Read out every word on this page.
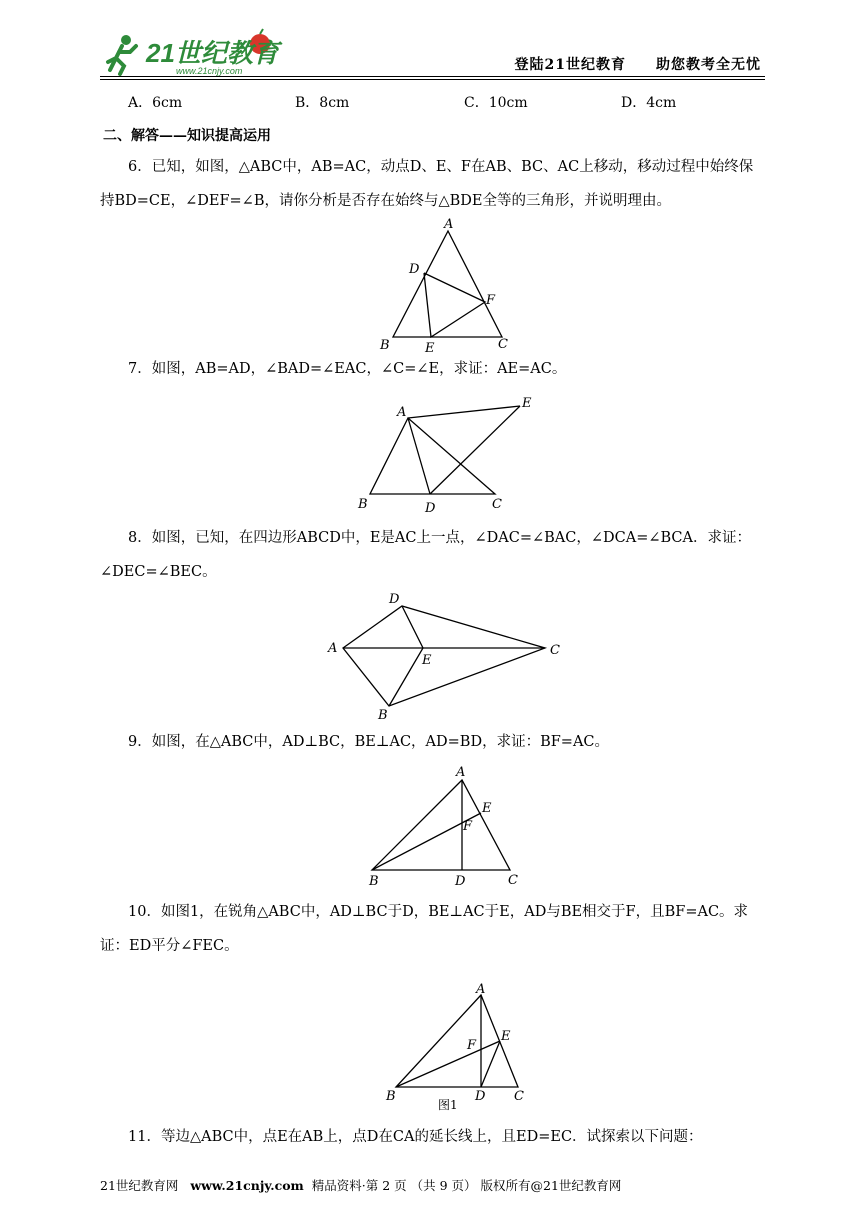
21世纪教育
www.21cnjy.com	登陆21世纪教育 助您教考全无忧
A．6cm	B．8cm	C．10cm	D．4cm
二、解答——知识提高运用
6．已知，如图，△ABC中，AB=AC，动点D、E、F在AB、BC、AC上移动，移动过程中始终保持BD=CE，∠DEF=∠B，请你分析是否存在始终与△BDE全等的三角形，并说明理由。
A
B	C
D
E
F
7．如图，AB=AD，∠BAD=∠EAC，∠C=∠E，求证：AE=AC。
A
B	C
D
E
8．如图，已知，在四边形ABCD中，E是AC上一点，∠DAC=∠BAC，∠DCA=∠BCA．求证：∠DEC=∠BEC。
D
A
E
C
B
9．如图，在△ABC中，AD⊥BC，BE⊥AC，AD=BD，求证：BF=AC。
A
E
F
B	D	C
10．如图1，在锐角△ABC中，AD⊥BC于D，BE⊥AC于E，AD与BE相交于F，且BF=AC。求证：ED平分∠FEC。
A
E
F
B
图1
D C
11．等边△ABC中，点E在AB上，点D在CA的延长线上，且ED=EC．试探索以下问题：
21世纪教育网 www.21cnjy.com 精品资料·第 2 页 （共 9 页） 版权所有@21世纪教育网
